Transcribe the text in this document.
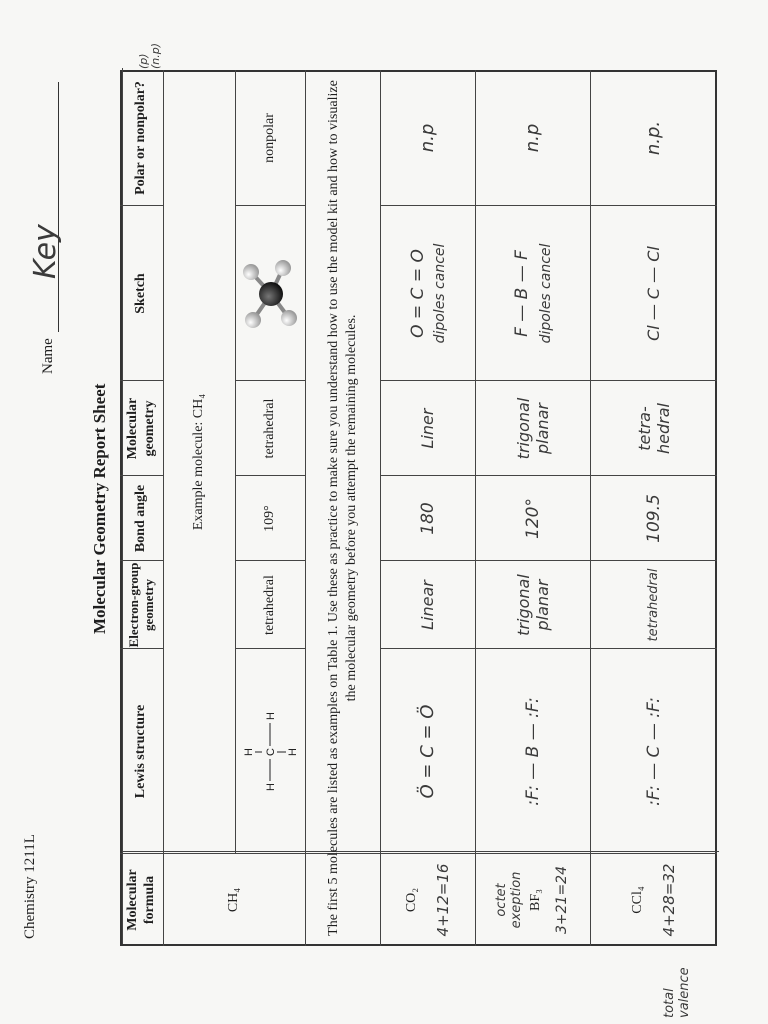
Chemistry 1211L
Molecular Geometry Report Sheet
Name
Key
(p)
(n.p)
total valence
Molecular formula
Lewis structure
Electron-group geometry
Bond angle
Molecular geometry
Sketch
Polar or nonpolar?
Example molecule: CH₄
CH₄
H
C
H
H	H
tetrahedral
109°
tetrahedral
nonpolar	The first 5 molecules are listed as examples on Table 1. Use these as practice to make sure you understand how to use the model kit and how to visualize the molecular geometry before you attempt the remaining molecules.
CO₂ 4+12=16
Ö = C = Ö
Linear
180
Liner
O = C = O dipoles cancel
n.p
octet exeption BF₃ 3+21=24
:F: — B — :F:
trigonal planar
120°
trigonal planar
F — B — F dipoles cancel
n.p
CCl₄ 4+28=32
:F: — C — :F:
tetrahedral
109.5
tetra-hedral
Cl — C — Cl
n.p.
